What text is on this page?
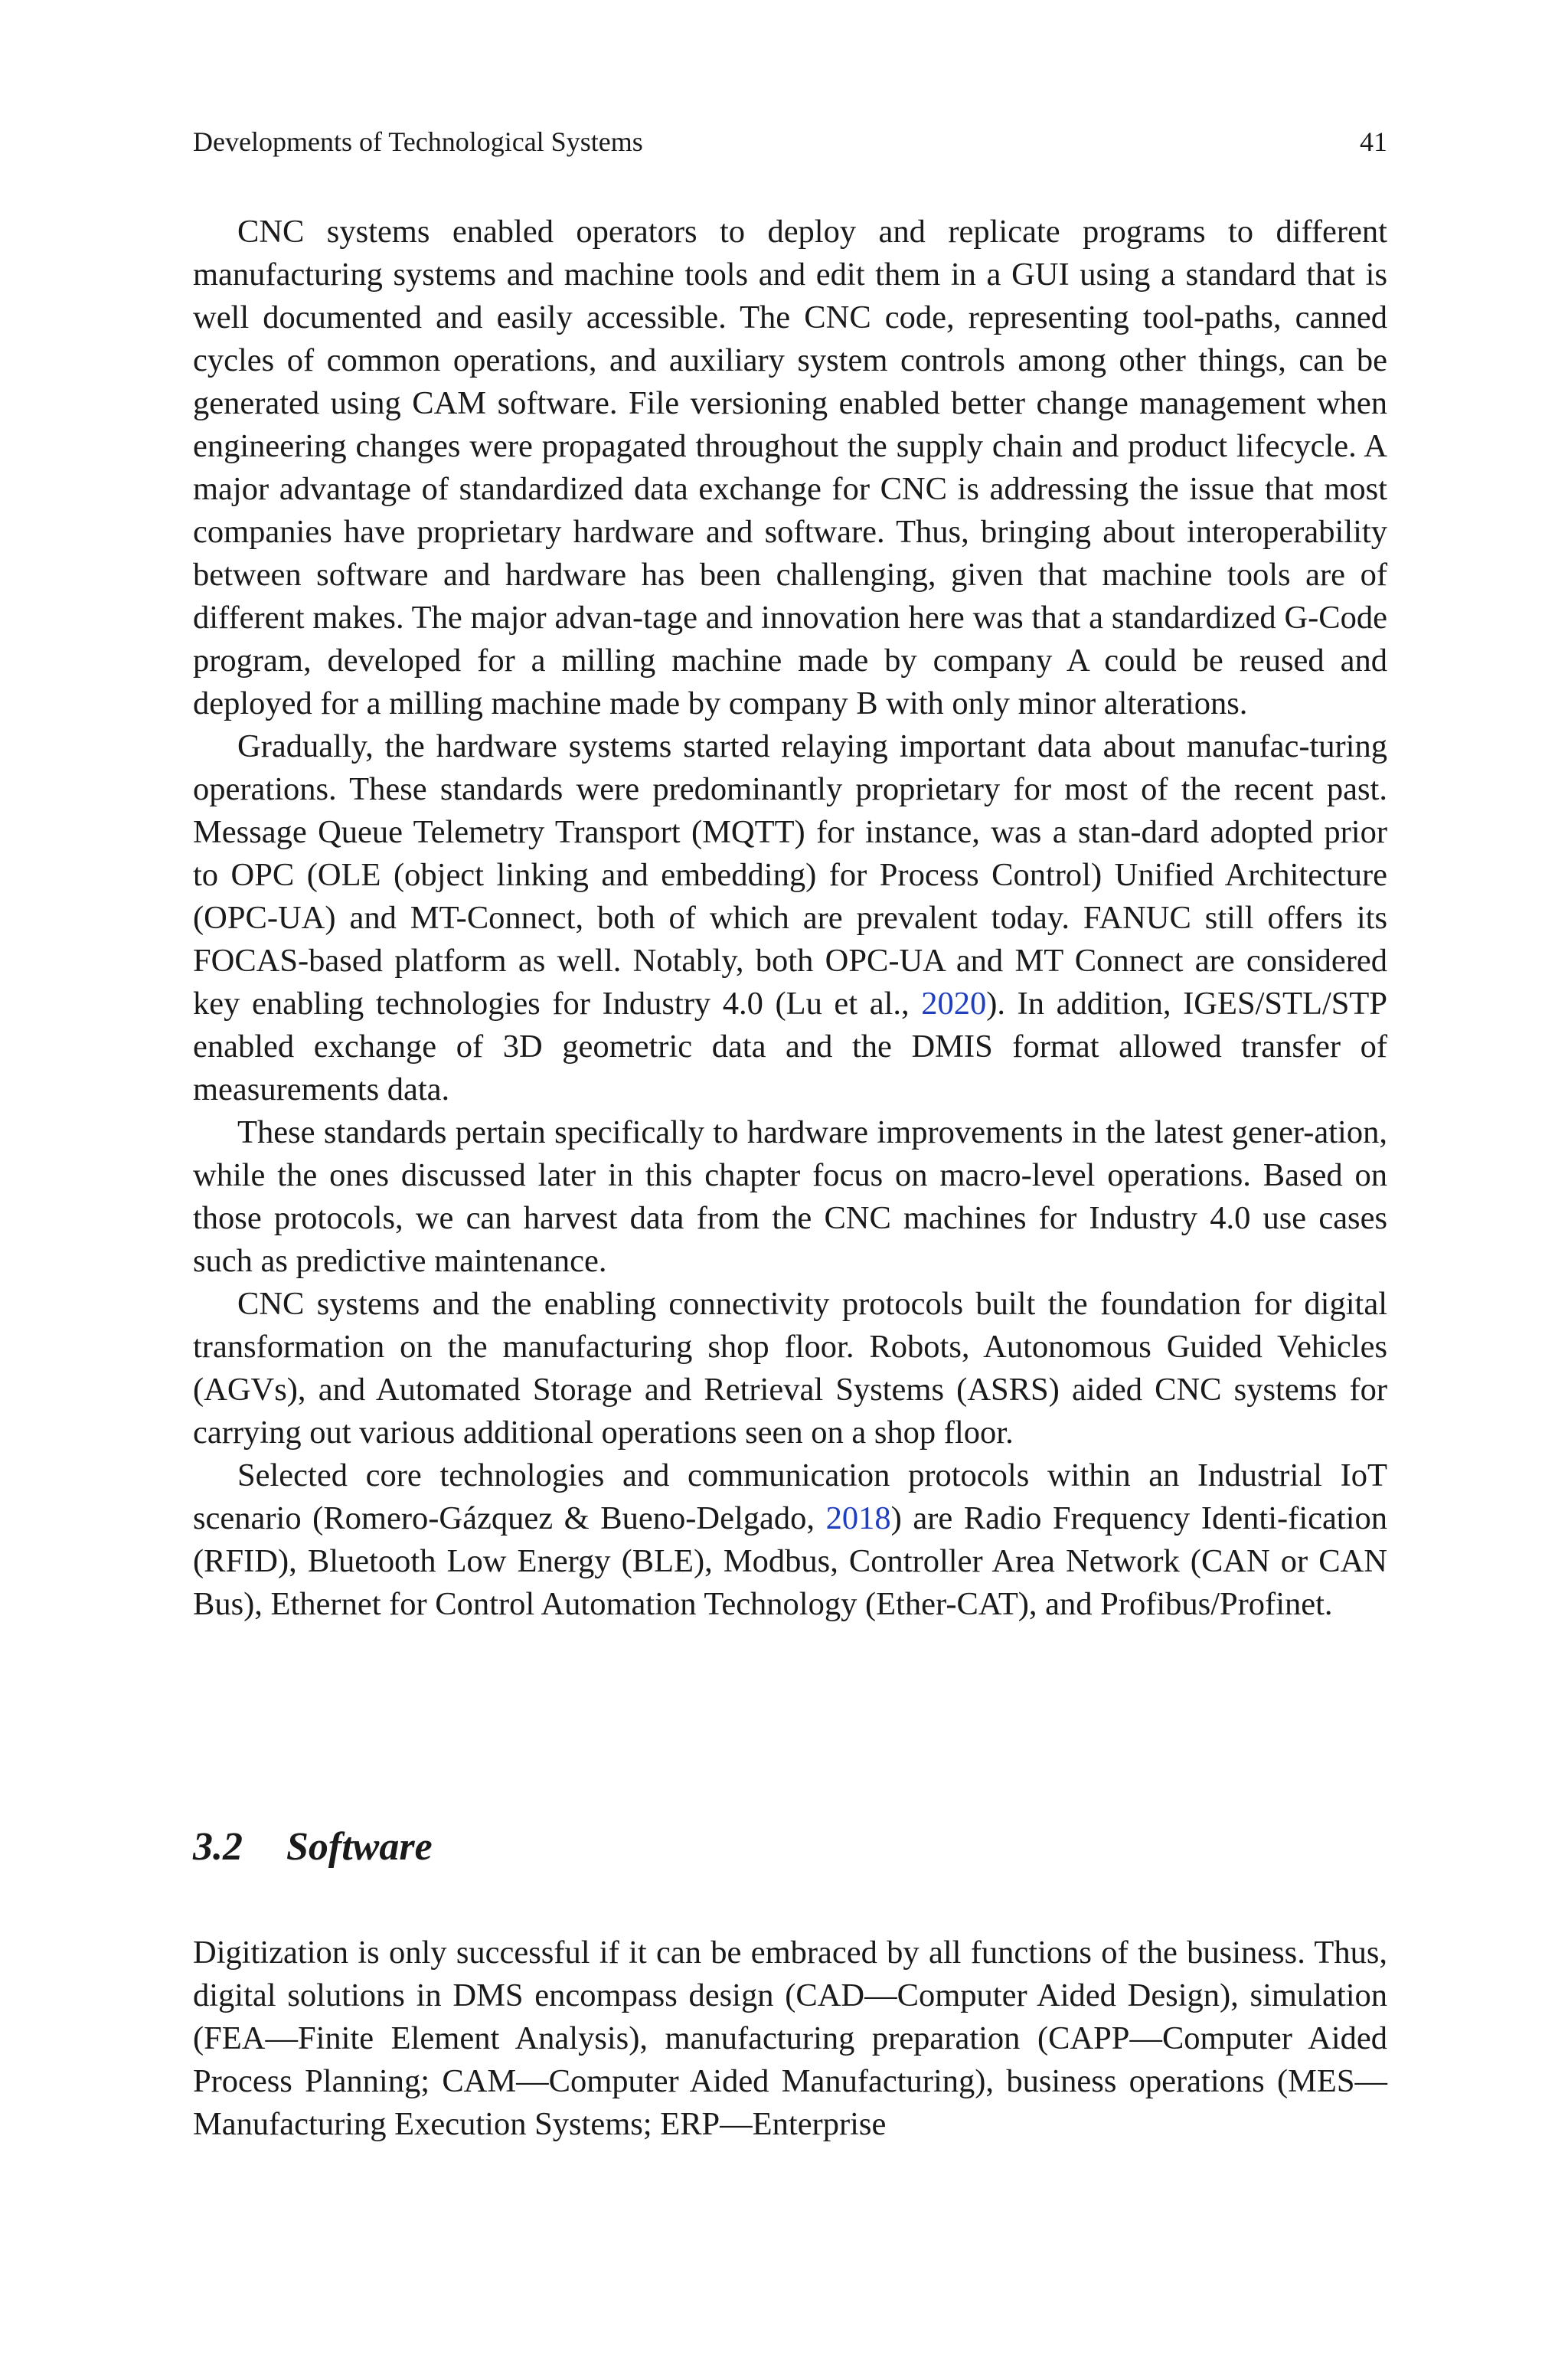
Developments of Technological Systems	41

CNC systems enabled operators to deploy and replicate programs to different manufacturing systems and machine tools and edit them in a GUI using a standard that is well documented and easily accessible. The CNC code, representing tool-paths, canned cycles of common operations, and auxiliary system controls among other things, can be generated using CAM software. File versioning enabled better change management when engineering changes were propagated throughout the supply chain and product lifecycle. A major advantage of standardized data exchange for CNC is addressing the issue that most companies have proprietary hardware and software. Thus, bringing about interoperability between software and hardware has been challenging, given that machine tools are of different makes. The major advan-tage and innovation here was that a standardized G-Code program, developed for a milling machine made by company A could be reused and deployed for a milling machine made by company B with only minor alterations.

Gradually, the hardware systems started relaying important data about manufac-turing operations. These standards were predominantly proprietary for most of the recent past. Message Queue Telemetry Transport (MQTT) for instance, was a stan-dard adopted prior to OPC (OLE (object linking and embedding) for Process Control) Unified Architecture (OPC-UA) and MT-Connect, both of which are prevalent today. FANUC still offers its FOCAS-based platform as well. Notably, both OPC-UA and MT Connect are considered key enabling technologies for Industry 4.0 (Lu et al., 2020). In addition, IGES/STL/STP enabled exchange of 3D geometric data and the DMIS format allowed transfer of measurements data.

These standards pertain specifically to hardware improvements in the latest gener-ation, while the ones discussed later in this chapter focus on macro-level operations. Based on those protocols, we can harvest data from the CNC machines for Industry 4.0 use cases such as predictive maintenance.

CNC systems and the enabling connectivity protocols built the foundation for digital transformation on the manufacturing shop floor. Robots, Autonomous Guided Vehicles (AGVs), and Automated Storage and Retrieval Systems (ASRS) aided CNC systems for carrying out various additional operations seen on a shop floor.

Selected core technologies and communication protocols within an Industrial IoT scenario (Romero-Gázquez & Bueno-Delgado, 2018) are Radio Frequency Identi-fication (RFID), Bluetooth Low Energy (BLE), Modbus, Controller Area Network (CAN or CAN Bus), Ethernet for Control Automation Technology (Ether-CAT), and Profibus/Profinet.

3.2 Software

Digitization is only successful if it can be embraced by all functions of the business. Thus, digital solutions in DMS encompass design (CAD—Computer Aided Design), simulation (FEA—Finite Element Analysis), manufacturing preparation (CAPP—Computer Aided Process Planning; CAM—Computer Aided Manufacturing), business operations (MES—Manufacturing Execution Systems; ERP—Enterprise
